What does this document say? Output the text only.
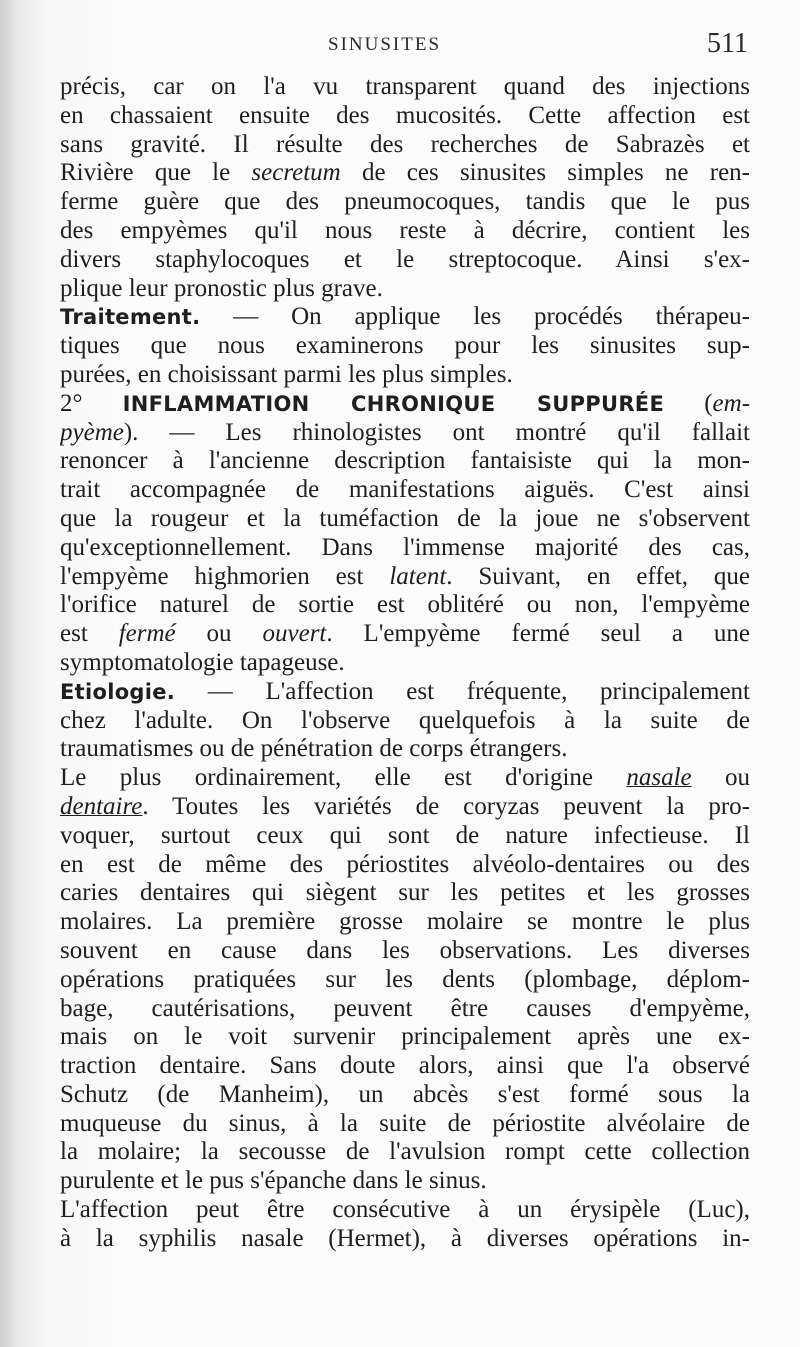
SINUSITES	511
précis, car on l'a vu transparent quand des injections
en chassaient ensuite des mucosités. Cette affection est
sans gravité. Il résulte des recherches de Sabrazès et
Rivière que le secretum de ces sinusites simples ne ren-
ferme guère que des pneumocoques, tandis que le pus
des empyèmes qu'il nous reste à décrire, contient les
divers staphylocoques et le streptocoque. Ainsi s'ex-
plique leur pronostic plus grave.
Traitement. — On applique les procédés thérapeu-
tiques que nous examinerons pour les sinusites sup-
purées, en choisissant parmi les plus simples.
2° INFLAMMATION CHRONIQUE SUPPURÉE (em-
pyème). — Les rhinologistes ont montré qu'il fallait
renoncer à l'ancienne description fantaisiste qui la mon-
trait accompagnée de manifestations aiguës. C'est ainsi
que la rougeur et la tuméfaction de la joue ne s'observent
qu'exceptionnellement. Dans l'immense majorité des cas,
l'empyème highmorien est latent. Suivant, en effet, que
l'orifice naturel de sortie est oblitéré ou non, l'empyème
est fermé ou ouvert. L'empyème fermé seul a une
symptomatologie tapageuse.
Etiologie. — L'affection est fréquente, principalement
chez l'adulte. On l'observe quelquefois à la suite de
traumatismes ou de pénétration de corps étrangers.
Le plus ordinairement, elle est d'origine nasale ou
dentaire. Toutes les variétés de coryzas peuvent la pro-
voquer, surtout ceux qui sont de nature infectieuse. Il
en est de même des périostites alvéolo-dentaires ou des
caries dentaires qui siègent sur les petites et les grosses
molaires. La première grosse molaire se montre le plus
souvent en cause dans les observations. Les diverses
opérations pratiquées sur les dents (plombage, déplom-
bage, cautérisations, peuvent être causes d'empyème,
mais on le voit survenir principalement après une ex-
traction dentaire. Sans doute alors, ainsi que l'a observé
Schutz (de Manheim), un abcès s'est formé sous la
muqueuse du sinus, à la suite de périostite alvéolaire de
la molaire; la secousse de l'avulsion rompt cette collection
purulente et le pus s'épanche dans le sinus.
L'affection peut être consécutive à un érysipèle (Luc),
à la syphilis nasale (Hermet), à diverses opérations in-
